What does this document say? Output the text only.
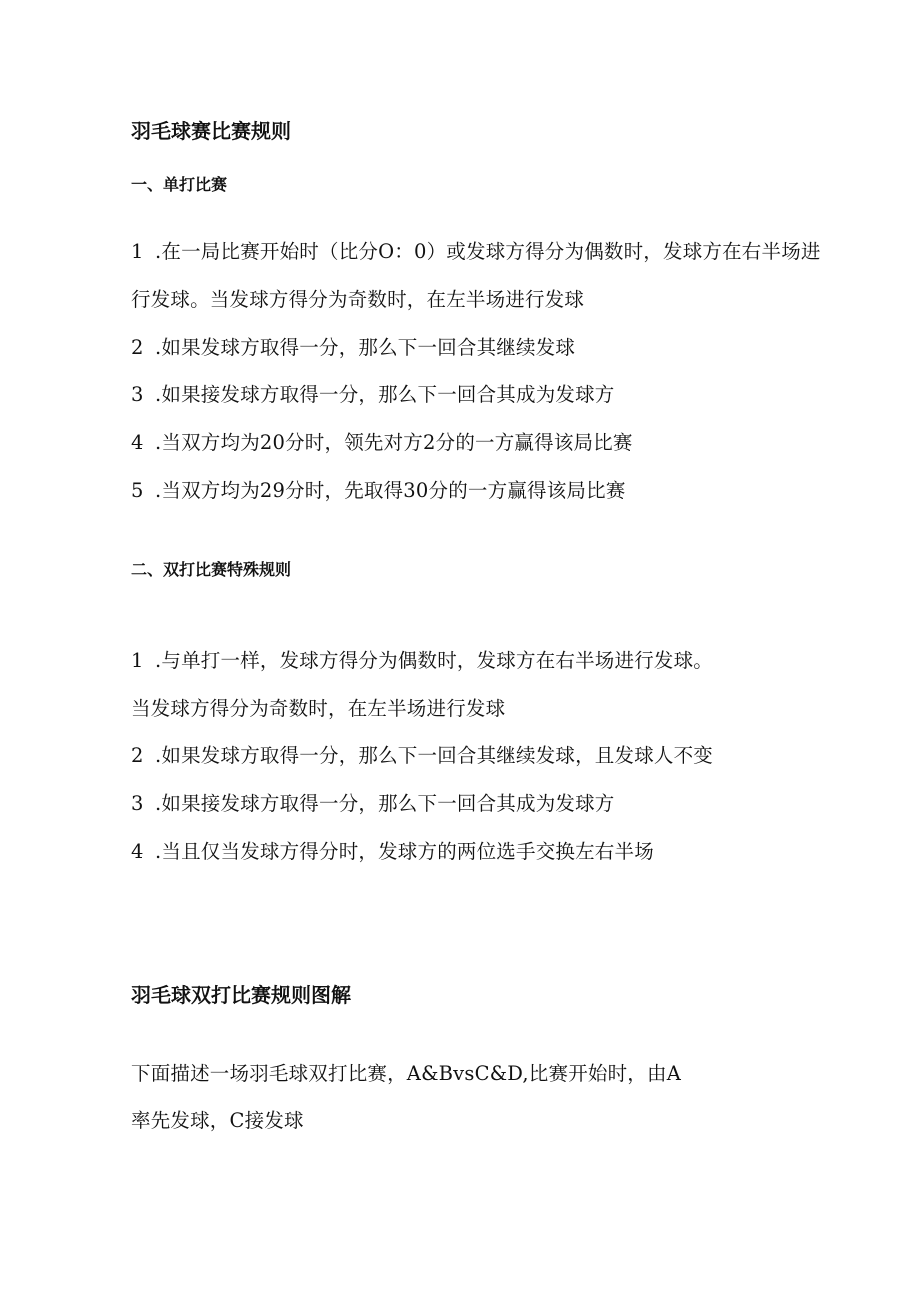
羽毛球赛比赛规则
一、单打比赛
1 .在一局比赛开始时（比分O：0）或发球方得分为偶数时，发球方在右半场进
行发球。当发球方得分为奇数时，在左半场进行发球
2 .如果发球方取得一分，那么下一回合其继续发球
3 .如果接发球方取得一分，那么下一回合其成为发球方
4 .当双方均为20分时，领先对方2分的一方赢得该局比赛
5 .当双方均为29分时，先取得30分的一方赢得该局比赛
二、双打比赛特殊规则
1 .与单打一样，发球方得分为偶数时，发球方在右半场进行发球。
当发球方得分为奇数时，在左半场进行发球
2 .如果发球方取得一分，那么下一回合其继续发球，且发球人不变
3 .如果接发球方取得一分，那么下一回合其成为发球方
4 .当且仅当发球方得分时，发球方的两位选手交换左右半场
羽毛球双打比赛规则图解
下面描述一场羽毛球双打比赛，A&BvsC&D,比赛开始时，由A
率先发球，C接发球
